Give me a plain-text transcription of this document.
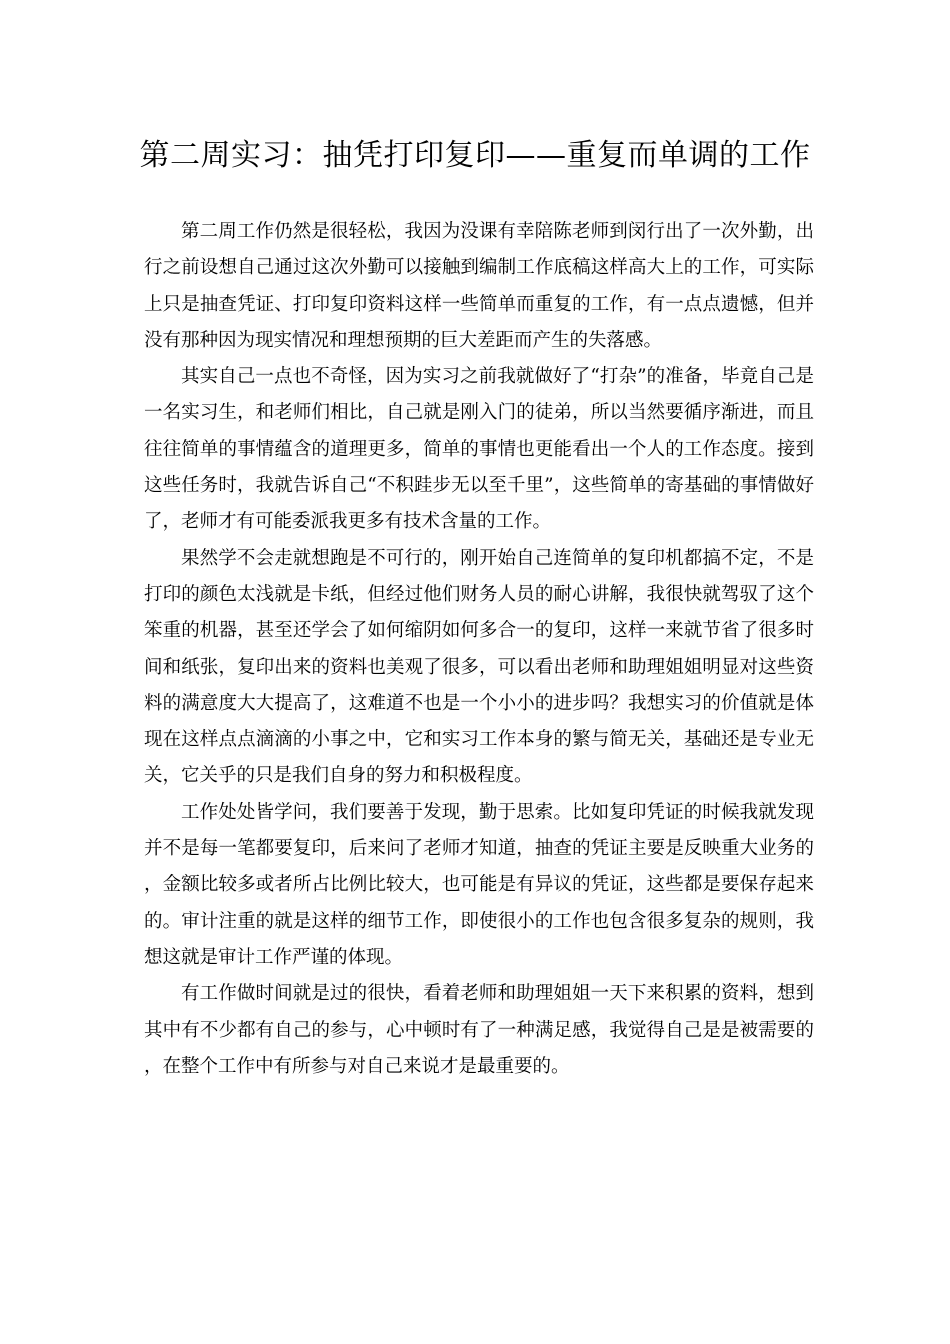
第二周实习：抽凭打印复印——重复而单调的工作

第二周工作仍然是很轻松，我因为没课有幸陪陈老师到闵行出了一次外勤，出行之前设想自己通过这次外勤可以接触到编制工作底稿这样高大上的工作，可实际上只是抽查凭证、打印复印资料这样一些简单而重复的工作，有一点点遗憾，但并没有那种因为现实情况和理想预期的巨大差距而产生的失落感。

其实自己一点也不奇怪，因为实习之前我就做好了“打杂”的准备，毕竟自己是一名实习生，和老师们相比，自己就是刚入门的徒弟，所以当然要循序渐进，而且往往简单的事情蕴含的道理更多，简单的事情也更能看出一个人的工作态度。接到这些任务时，我就告诉自己“不积跬步无以至千里”，这些简单的寄基础的事情做好了，老师才有可能委派我更多有技术含量的工作。

果然学不会走就想跑是不可行的，刚开始自己连简单的复印机都搞不定，不是打印的颜色太浅就是卡纸，但经过他们财务人员的耐心讲解，我很快就驾驭了这个笨重的机器，甚至还学会了如何缩阴如何多合一的复印，这样一来就节省了很多时间和纸张，复印出来的资料也美观了很多，可以看出老师和助理姐姐明显对这些资料的满意度大大提高了，这难道不也是一个小小的进步吗？我想实习的价值就是体现在这样点点滴滴的小事之中，它和实习工作本身的繁与简无关，基础还是专业无关，它关乎的只是我们自身的努力和积极程度。

工作处处皆学问，我们要善于发现，勤于思索。比如复印凭证的时候我就发现并不是每一笔都要复印，后来问了老师才知道，抽查的凭证主要是反映重大业务的，金额比较多或者所占比例比较大，也可能是有异议的凭证，这些都是要保存起来的。审计注重的就是这样的细节工作，即使很小的工作也包含很多复杂的规则，我想这就是审计工作严谨的体现。

有工作做时间就是过的很快，看着老师和助理姐姐一天下来积累的资料，想到其中有不少都有自己的参与，心中顿时有了一种满足感，我觉得自己是是被需要的，在整个工作中有所参与对自己来说才是最重要的。
